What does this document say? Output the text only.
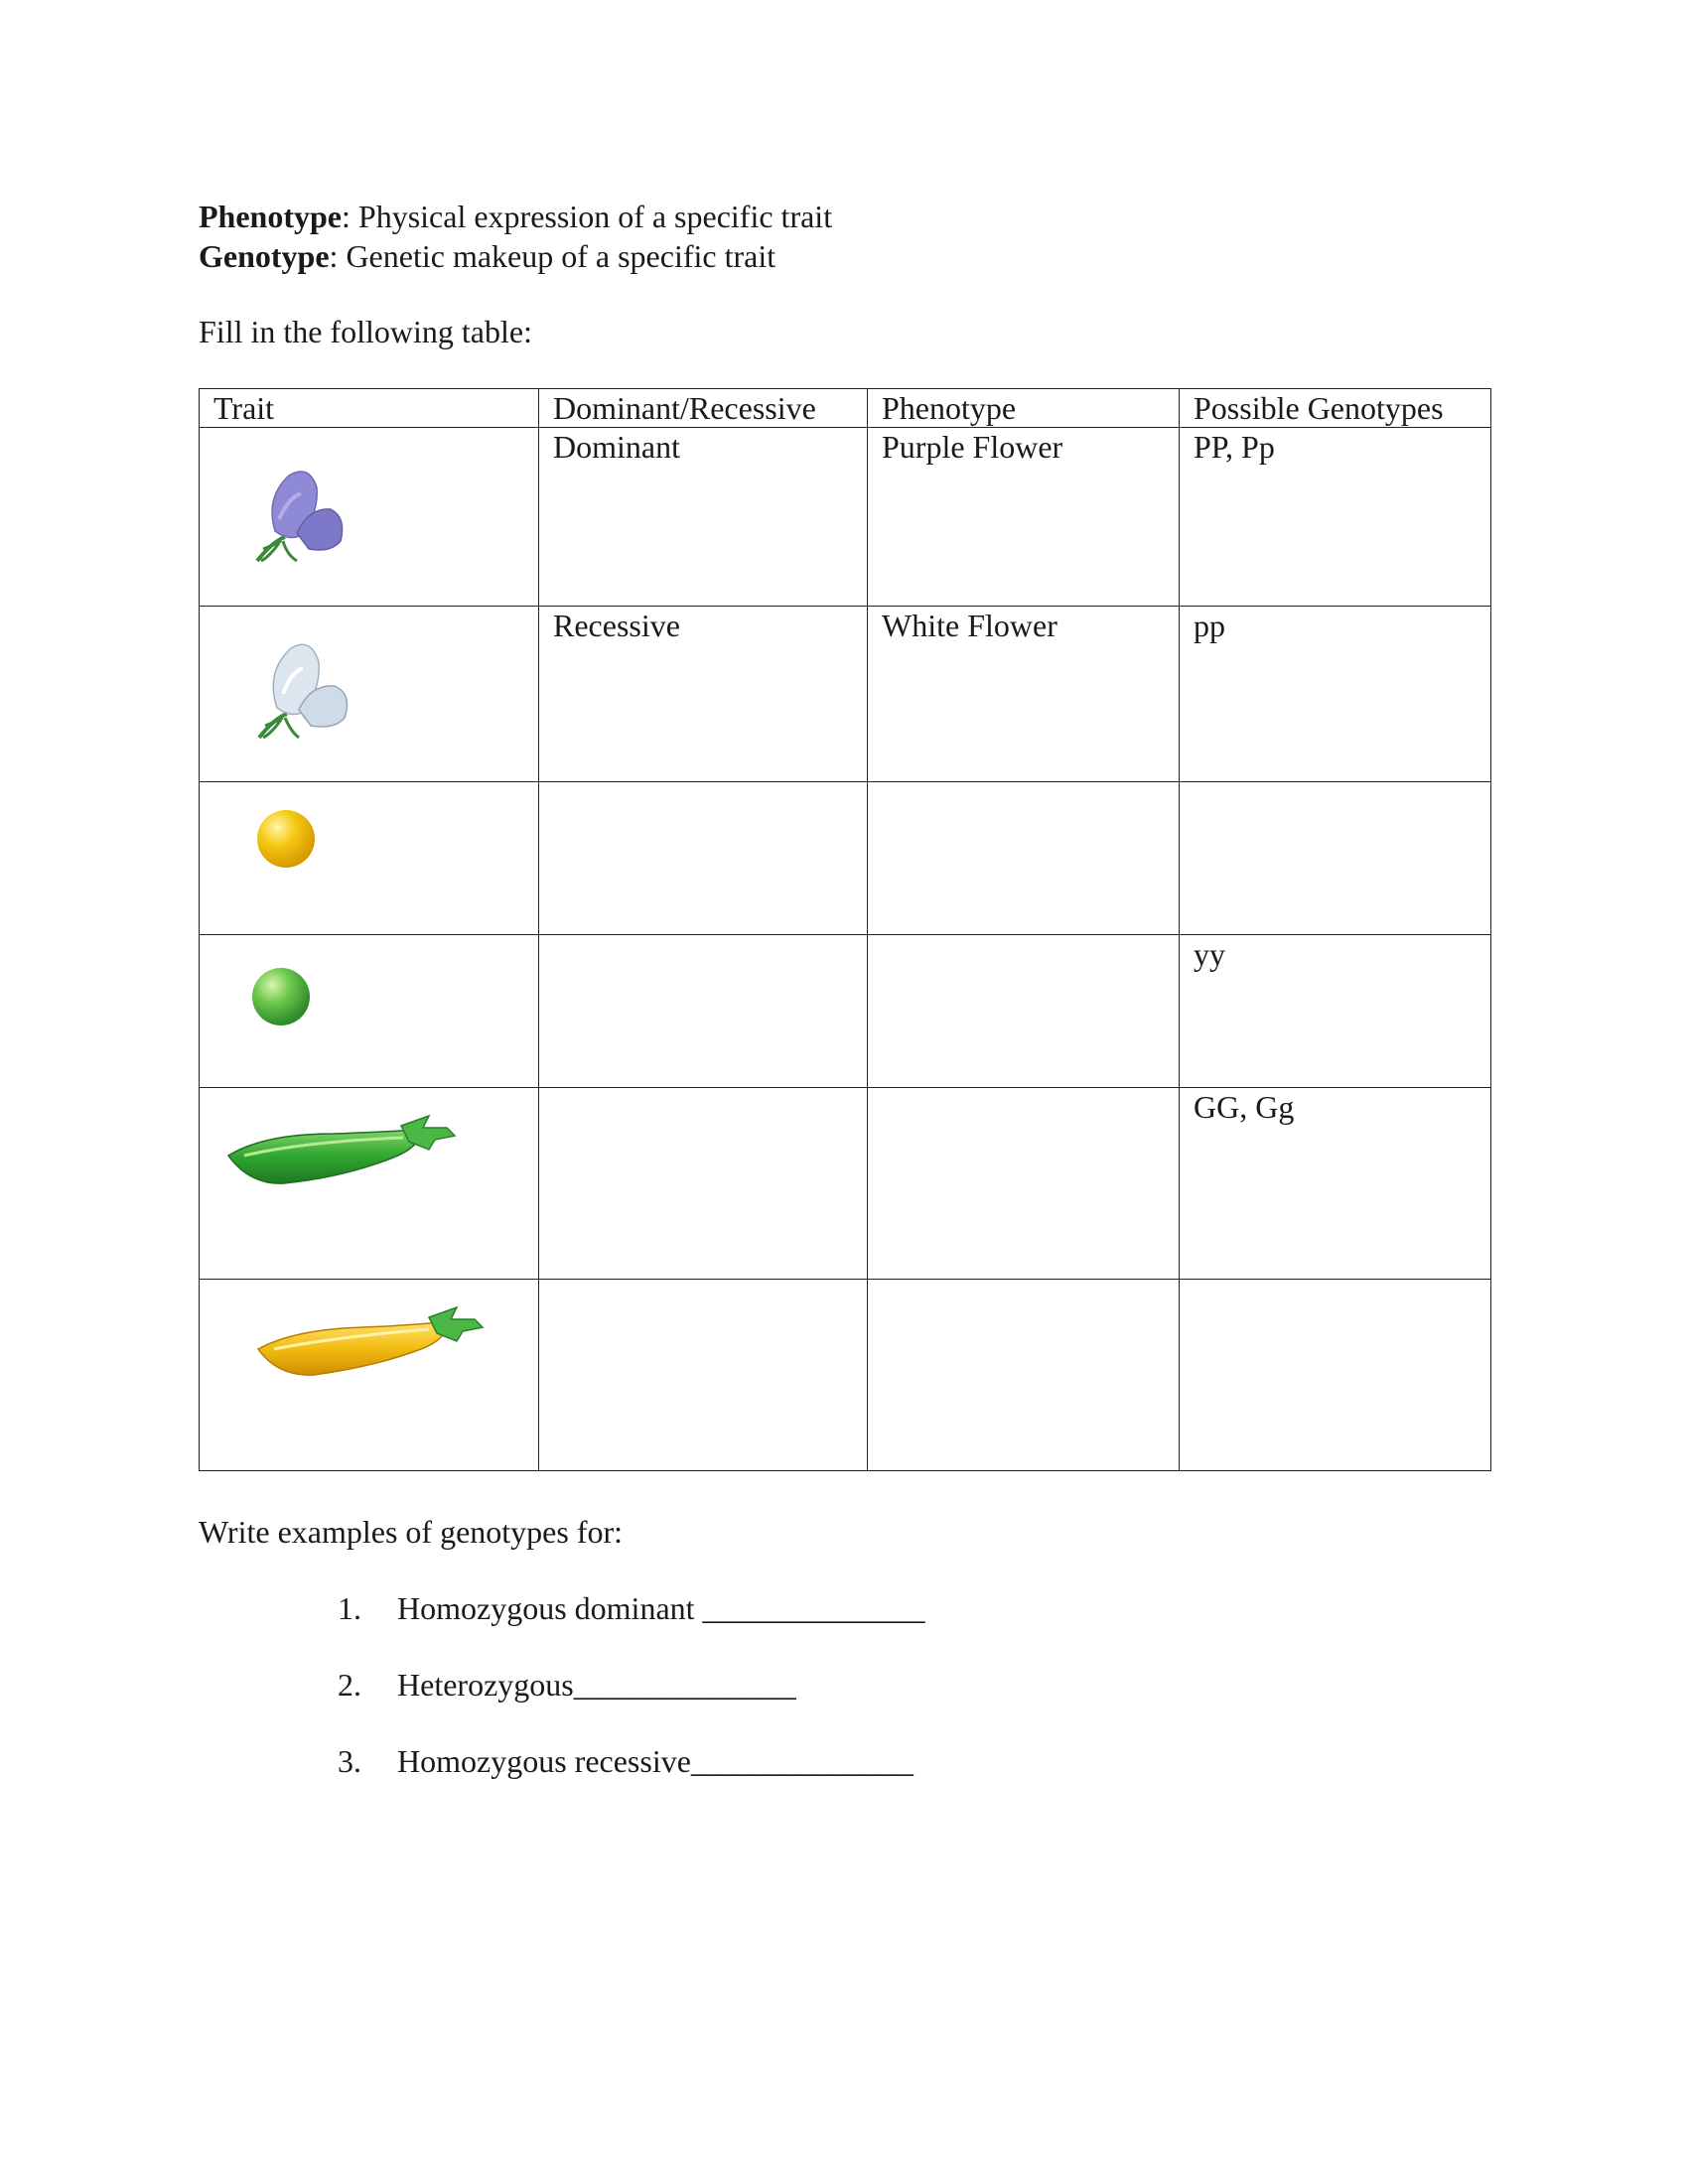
Phenotype: Physical expression of a specific trait
Genotype: Genetic makeup of a specific trait
Fill in the following table:
Trait	Dominant/Recessive	Phenotype	Possible Genotypes

	Dominant	Purple Flower	PP, Pp

	Recessive	White Flower	pp

			yy

			GG, Gg

Write examples of genotypes for:
1. Homozygous dominant ______________
2. Heterozygous______________
3. Homozygous recessive______________
